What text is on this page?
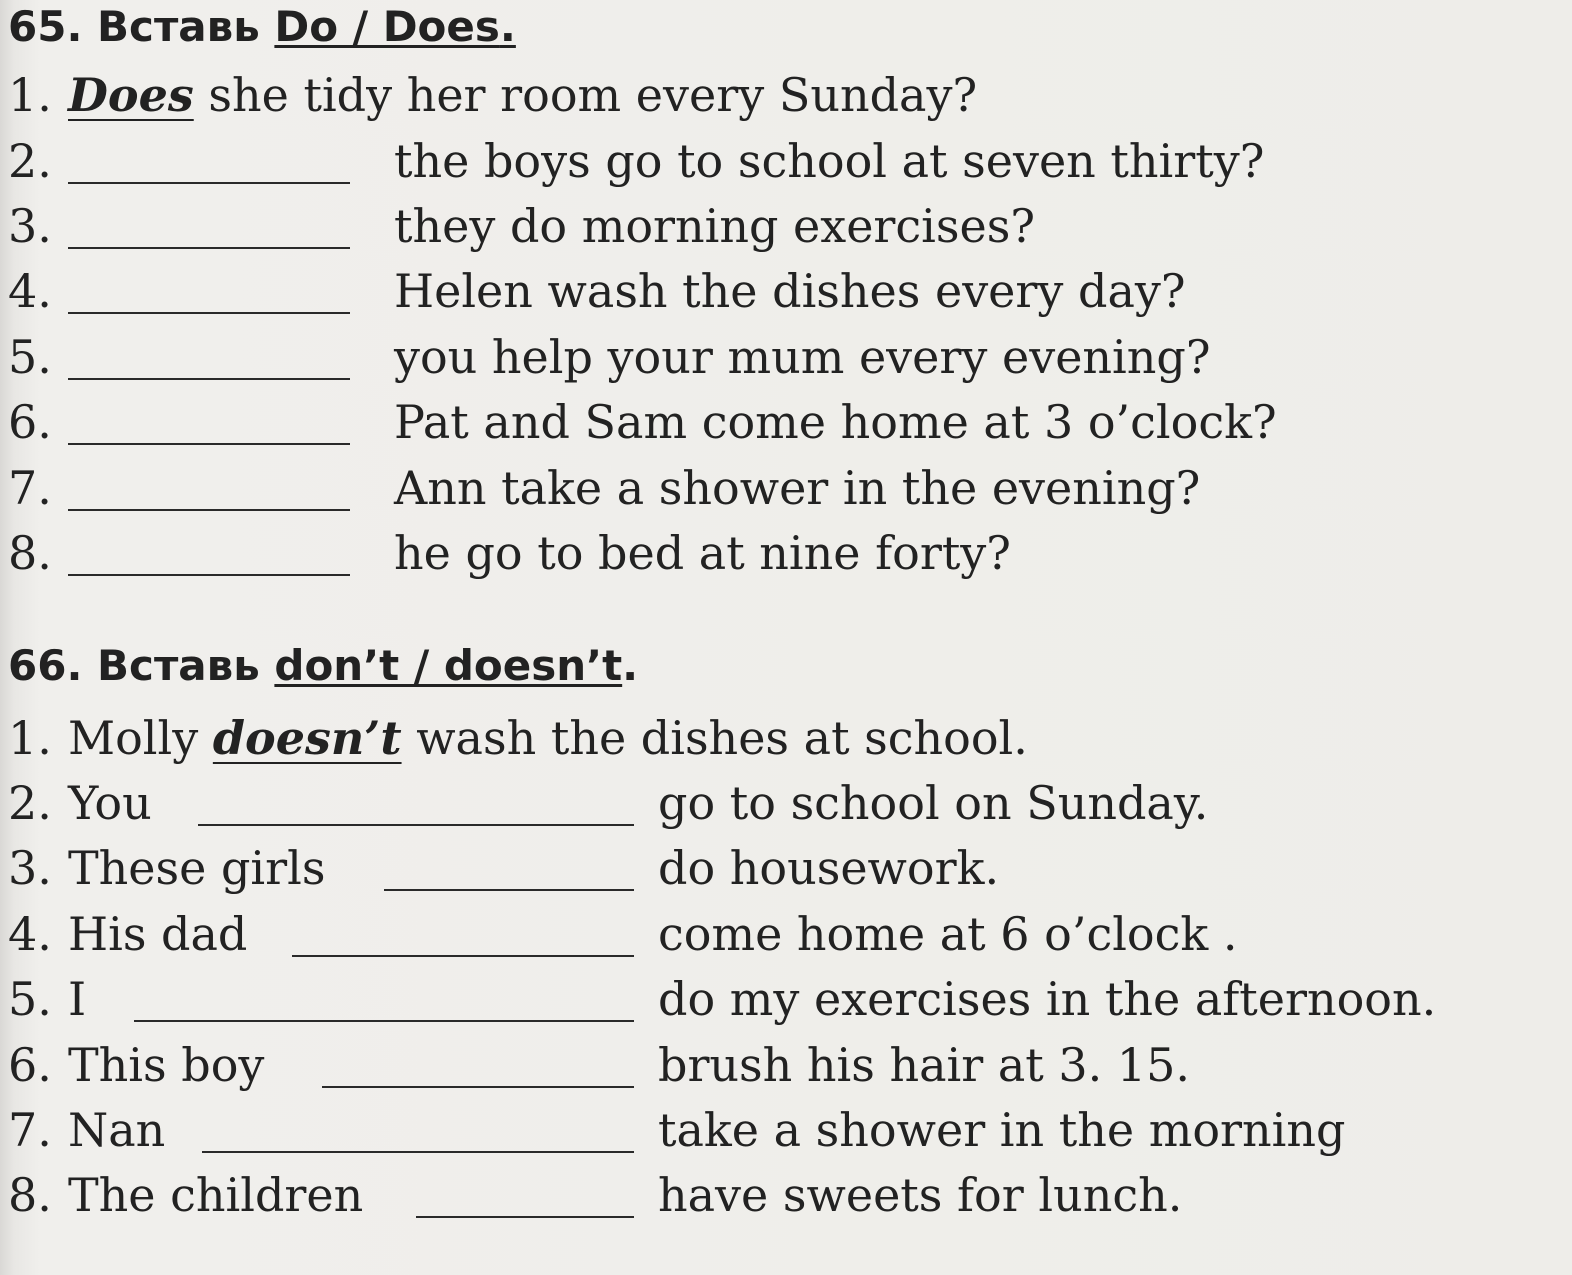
65. Вставь Do / Does.
1. Does she tidy her room every Sunday?
2.	the boys go to school at seven thirty?
3.	they do morning exercises?
4.	Helen wash the dishes every day?
5.	you help your mum every evening?
6.	Pat and Sam come home at 3 o’clock?
7.	Ann take a shower in the evening?
8.	he go to bed at nine forty?
66. Вставь don’t / doesn’t.
1. Molly doesn’t wash the dishes at school.
2. You	go to school on Sunday.
3. These girls	do housework.
4. His dad	come home at 6 o’clock .
5. I	do my exercises in the afternoon.
6. This boy	brush his hair at 3. 15.
7. Nan	take a shower in the morning
8. The children	have sweets for lunch.
